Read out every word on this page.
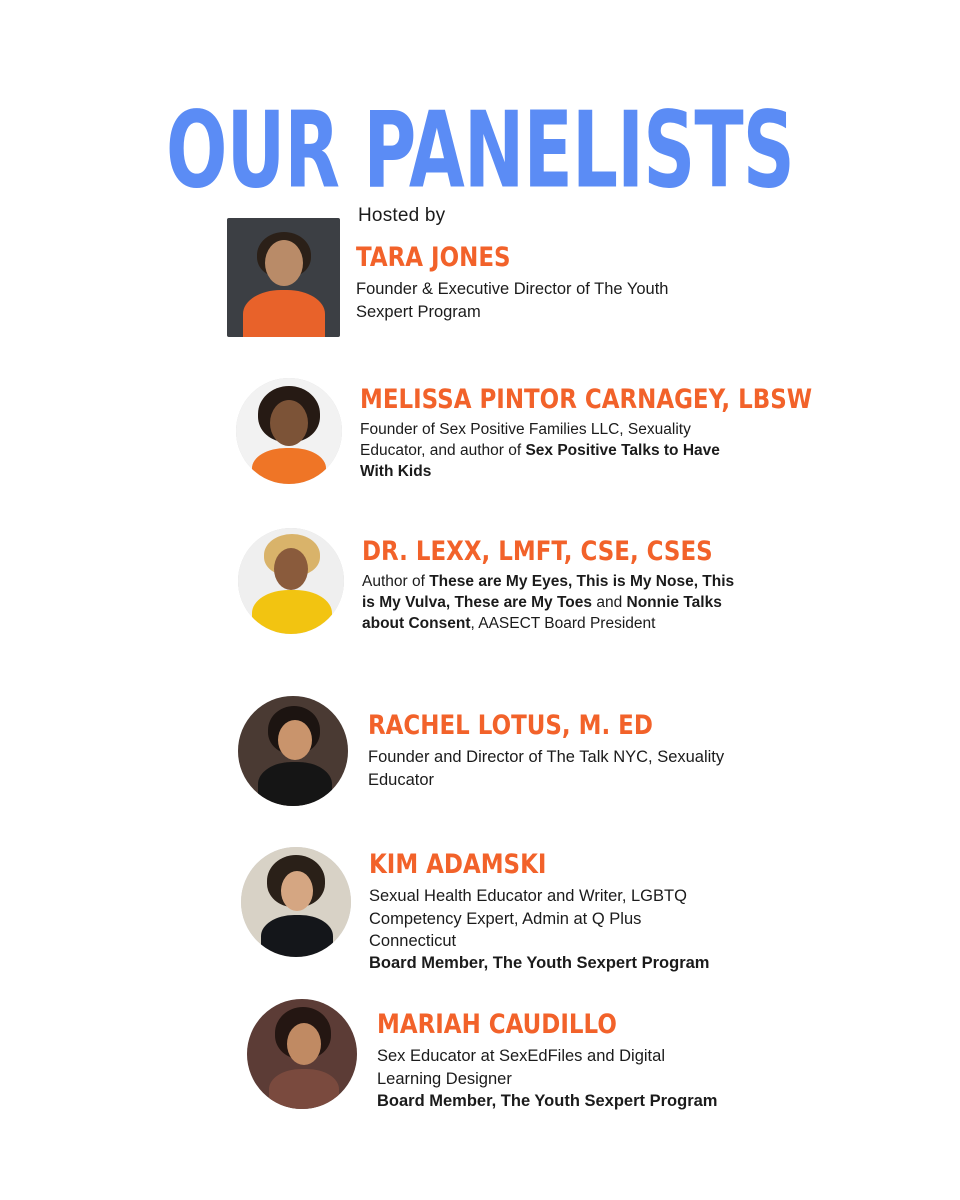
OUR PANELISTS
Hosted by
TARA JONES

Founder & Executive Director of The Youth Sexpert Program

MELISSA PINTOR CARNAGEY, LBSW

Founder of Sex Positive Families LLC, Sexuality Educator, and author of Sex Positive Talks to Have With Kids

DR. LEXX, LMFT, CSE, CSES

Author of These are My Eyes, This is My Nose, This is My Vulva, These are My Toes and Nonnie Talks about Consent, AASECT Board President

RACHEL LOTUS, M. ED

Founder and Director of The Talk NYC, Sexuality Educator

KIM ADAMSKI

Sexual Health Educator and Writer, LGBTQ Competency Expert, Admin at Q Plus Connecticut

Board Member, The Youth Sexpert Program

MARIAH CAUDILLO

Sex Educator at SexEdFiles and Digital Learning Designer

Board Member, The Youth Sexpert Program
